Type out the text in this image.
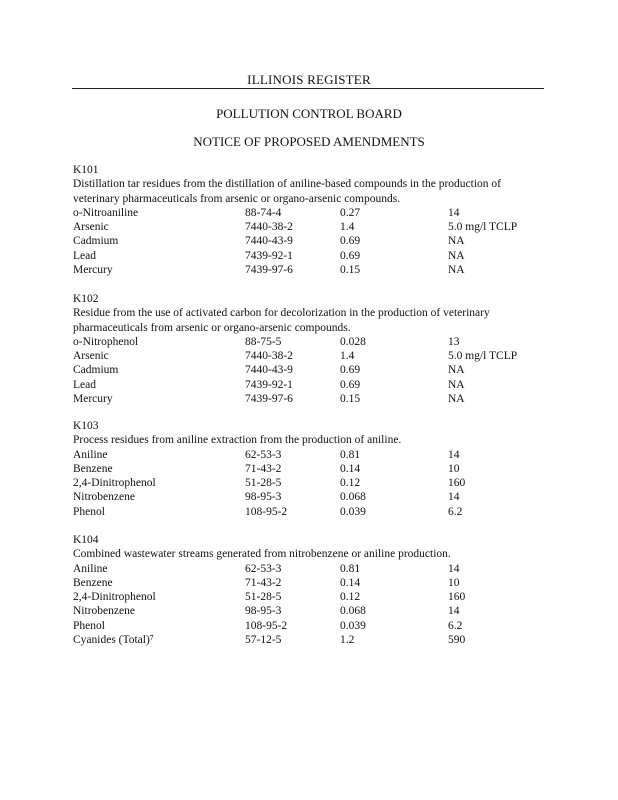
ILLINOIS REGISTER
POLLUTION CONTROL BOARD
NOTICE OF PROPOSED AMENDMENTS
K101
Distillation tar residues from the distillation of aniline-based compounds in the production of veterinary pharmaceuticals from arsenic or organo-arsenic compounds.
o-Nitroaniline	88-74-4	0.27	14
Arsenic	7440-38-2	1.4	5.0 mg/l TCLP
Cadmium	7440-43-9	0.69	NA
Lead	7439-92-1	0.69	NA
Mercury	7439-97-6	0.15	NA
K102
Residue from the use of activated carbon for decolorization in the production of veterinary pharmaceuticals from arsenic or organo-arsenic compounds.
o-Nitrophenol	88-75-5	0.028	13
Arsenic	7440-38-2	1.4	5.0 mg/l TCLP
Cadmium	7440-43-9	0.69	NA
Lead	7439-92-1	0.69	NA
Mercury	7439-97-6	0.15	NA
K103
Process residues from aniline extraction from the production of aniline.
Aniline	62-53-3	0.81	14
Benzene	71-43-2	0.14	10
2,4-Dinitrophenol	51-28-5	0.12	160
Nitrobenzene	98-95-3	0.068	14
Phenol	108-95-2	0.039	6.2
K104
Combined wastewater streams generated from nitrobenzene or aniline production.
Aniline	62-53-3	0.81	14
Benzene	71-43-2	0.14	10
2,4-Dinitrophenol	51-28-5	0.12	160
Nitrobenzene	98-95-3	0.068	14
Phenol	108-95-2	0.039	6.2
Cyanides (Total)⁷	57-12-5	1.2	590
